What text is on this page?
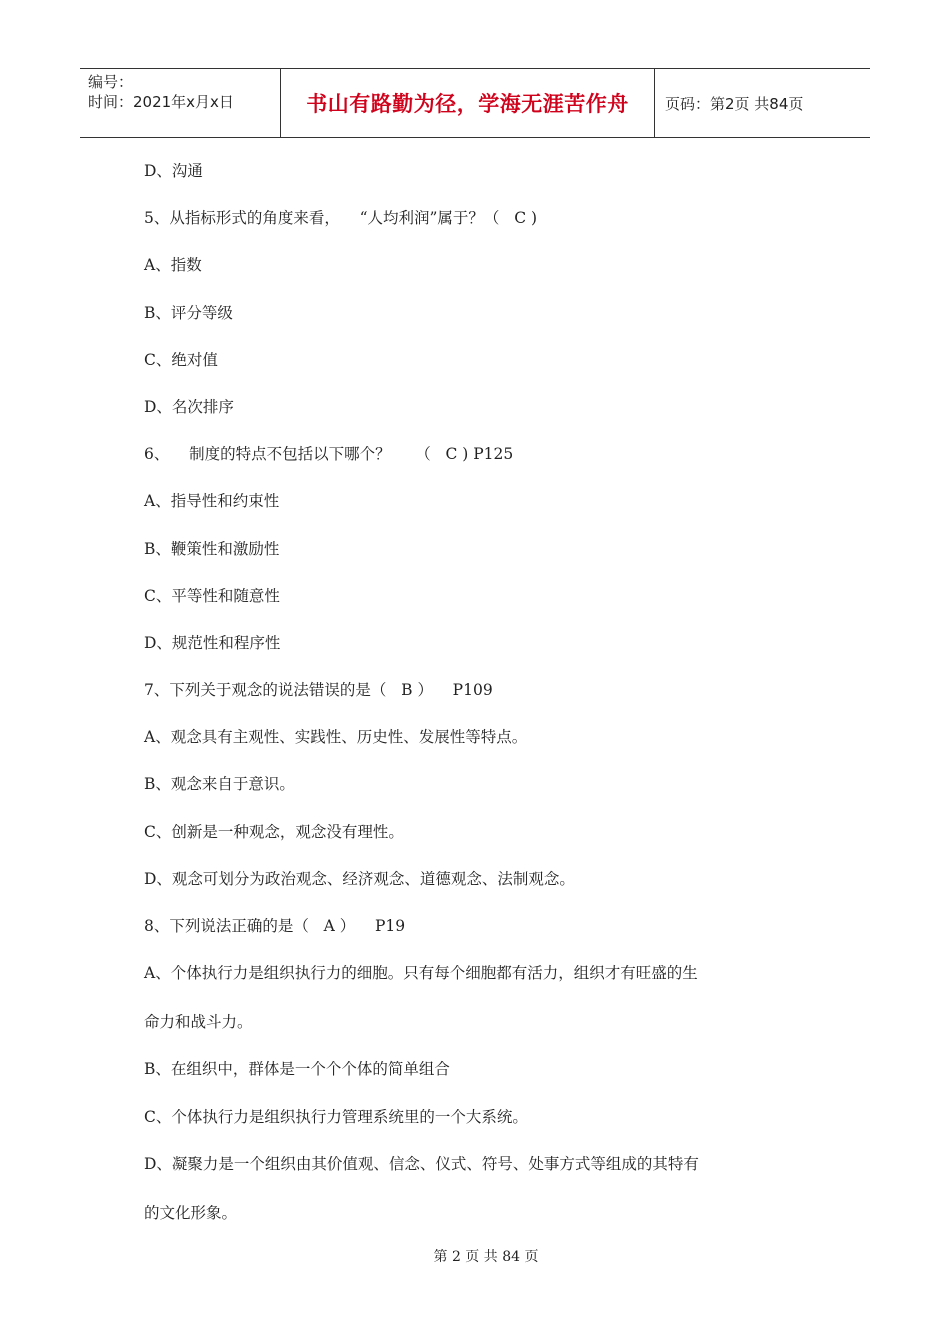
编号：
时间：2021年x月x日	书山有路勤为径，学海无涯苦作舟	页码：第2页 共84页
D、沟通
5、从指标形式的角度来看，    “人均利润”属于？（   C )
A、指数
B、评分等级
C、绝对值
D、名次排序
6、    制度的特点不包括以下哪个？     （   C ) P125
A、指导性和约束性
B、鞭策性和激励性
C、平等性和随意性
D、规范性和程序性
7、下列关于观念的说法错误的是（   B ）    P109
A、观念具有主观性、实践性、历史性、发展性等特点。
B、观念来自于意识。
C、创新是一种观念，观念没有理性。
D、观念可划分为政治观念、经济观念、道德观念、法制观念。
8、下列说法正确的是（   A ）    P19
A、个体执行力是组织执行力的细胞。只有每个细胞都有活力，组织才有旺盛的生
命力和战斗力。
B、在组织中，群体是一个个个体的简单组合
C、个体执行力是组织执行力管理系统里的一个大系统。
D、凝聚力是一个组织由其价值观、信念、仪式、符号、处事方式等组成的其特有
的文化形象。
第 2 页 共 84 页
